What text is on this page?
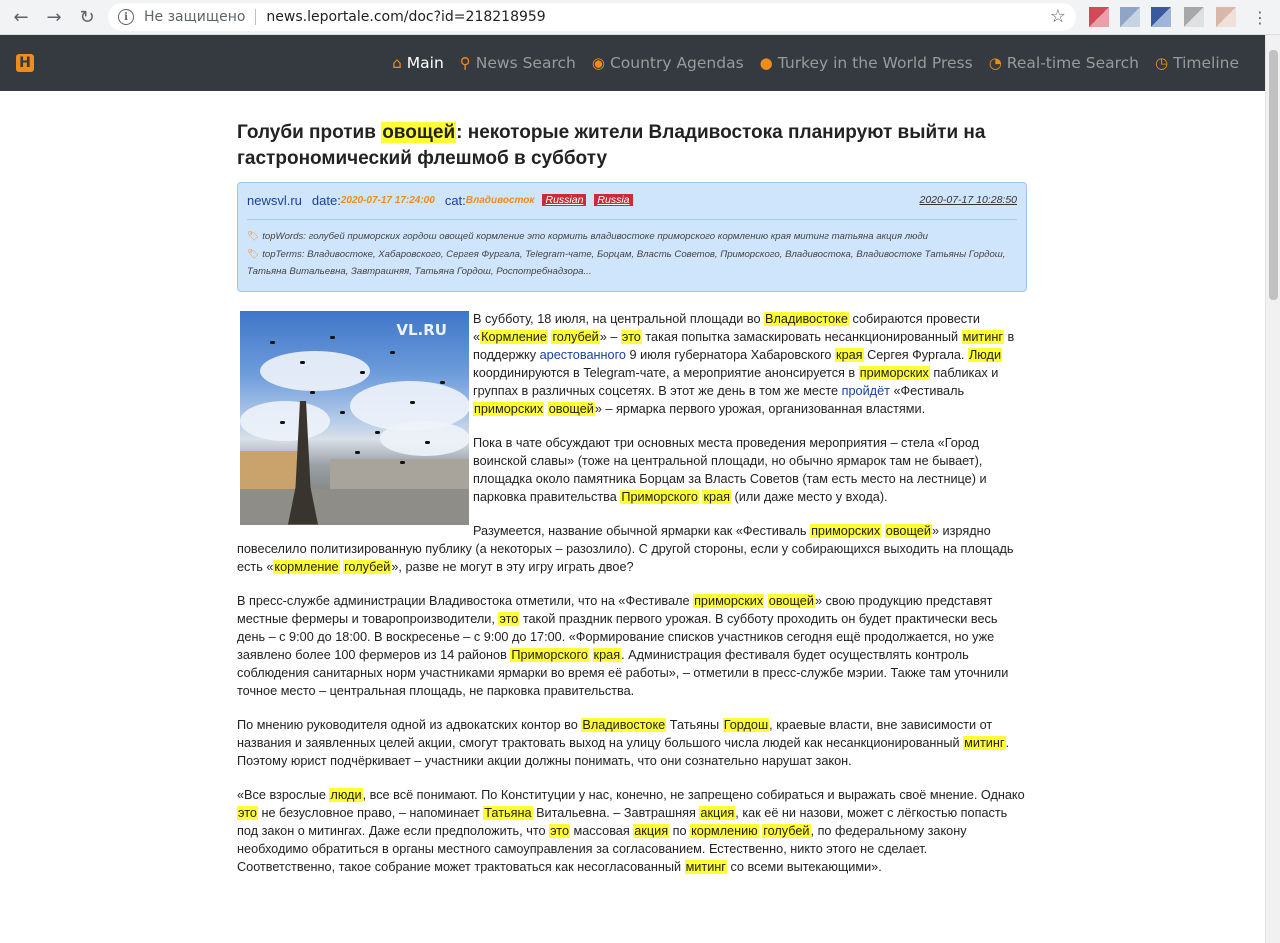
← → ↻	i	Не защищено news.leportale.com/doc?id=218218959	☆	⋮
H	⌂ Main ⚲ News Search ◉ Country Agendas ● Turkey in the World Press ◔ Real-time Search ◷ Timeline
Голуби против овощей: некоторые жители Владивостока планируют выйти на гастрономический флешмоб в субботу
newsvl.ru date: 2020-07-17 17:24:00 cat: Владивосток Russian Russia	2020-07-17 10:28:50
🏷 topWords: голубей приморских гордош овощей кормление это кормить владивостоке приморского кормлению края митинг татьяна акция люди
🏷 topTerms: Владивостоке, Хабаровского, Сергея Фургала, Telegram-чате, Борцам, Власть Советов, Приморского, Владивостока, Владивостоке Татьяны Гордош, Татьяна Витальевна, Завтрашняя, Татьяна Гордош, Роспотребнадзора...
VL.RU

В субботу, 18 июля, на центральной площади во Владивостоке собираются провести «Кормление голубей» – это такая попытка замаскировать несанкционированный митинг в поддержку арестованного 9 июля губернатора Хабаровского края Сергея Фургала. Люди координируются в Telegram-чате, а мероприятие анонсируется в приморских пабликах и группах в различных соцсетях. В этот же день в том же месте пройдёт «Фестиваль приморских овощей» – ярмарка первого урожая, организованная властями.

Пока в чате обсуждают три основных места проведения мероприятия – стела «Город воинской славы» (тоже на центральной площади, но обычно ярмарок там не бывает), площадка около памятника Борцам за Власть Советов (там есть место на лестнице) и парковка правительства Приморского края (или даже место у входа).

Разумеется, название обычной ярмарки как «Фестиваль приморских овощей» изрядно повеселило политизированную публику (а некоторых – разозлило). С другой стороны, если у собирающихся выходить на площадь есть «кормление голубей», разве не могут в эту игру играть двое?

В пресс-службе администрации Владивостока отметили, что на «Фестивале приморских овощей» свою продукцию представят местные фермеры и товаропроизводители, это такой праздник первого урожая. В субботу проходить он будет практически весь день – с 9:00 до 18:00. В воскресенье – с 9:00 до 17:00. «Формирование списков участников сегодня ещё продолжается, но уже заявлено более 100 фермеров из 14 районов Приморского края. Администрация фестиваля будет осуществлять контроль соблюдения санитарных норм участниками ярмарки во время её работы», – отметили в пресс-службе мэрии. Также там уточнили точное место – центральная площадь, не парковка правительства.

По мнению руководителя одной из адвокатских контор во Владивостоке Татьяны Гордош, краевые власти, вне зависимости от названия и заявленных целей акции, смогут трактовать выход на улицу большого числа людей как несанкционированный митинг. Поэтому юрист подчёркивает – участники акции должны понимать, что они сознательно нарушат закон.

«Все взрослые люди, все всё понимают. По Конституции у нас, конечно, не запрещено собираться и выражать своё мнение. Однако это не безусловное право, – напоминает Татьяна Витальевна. – Завтрашняя акция, как её ни назови, может с лёгкостью попасть под закон о митингах. Даже если предположить, что это массовая акция по кормлению голубей, по федеральному закону необходимо обратиться в органы местного самоуправления за согласованием. Естественно, никто этого не сделает. Соответственно, такое собрание может трактоваться как несогласованный митинг со всеми вытекающими».
